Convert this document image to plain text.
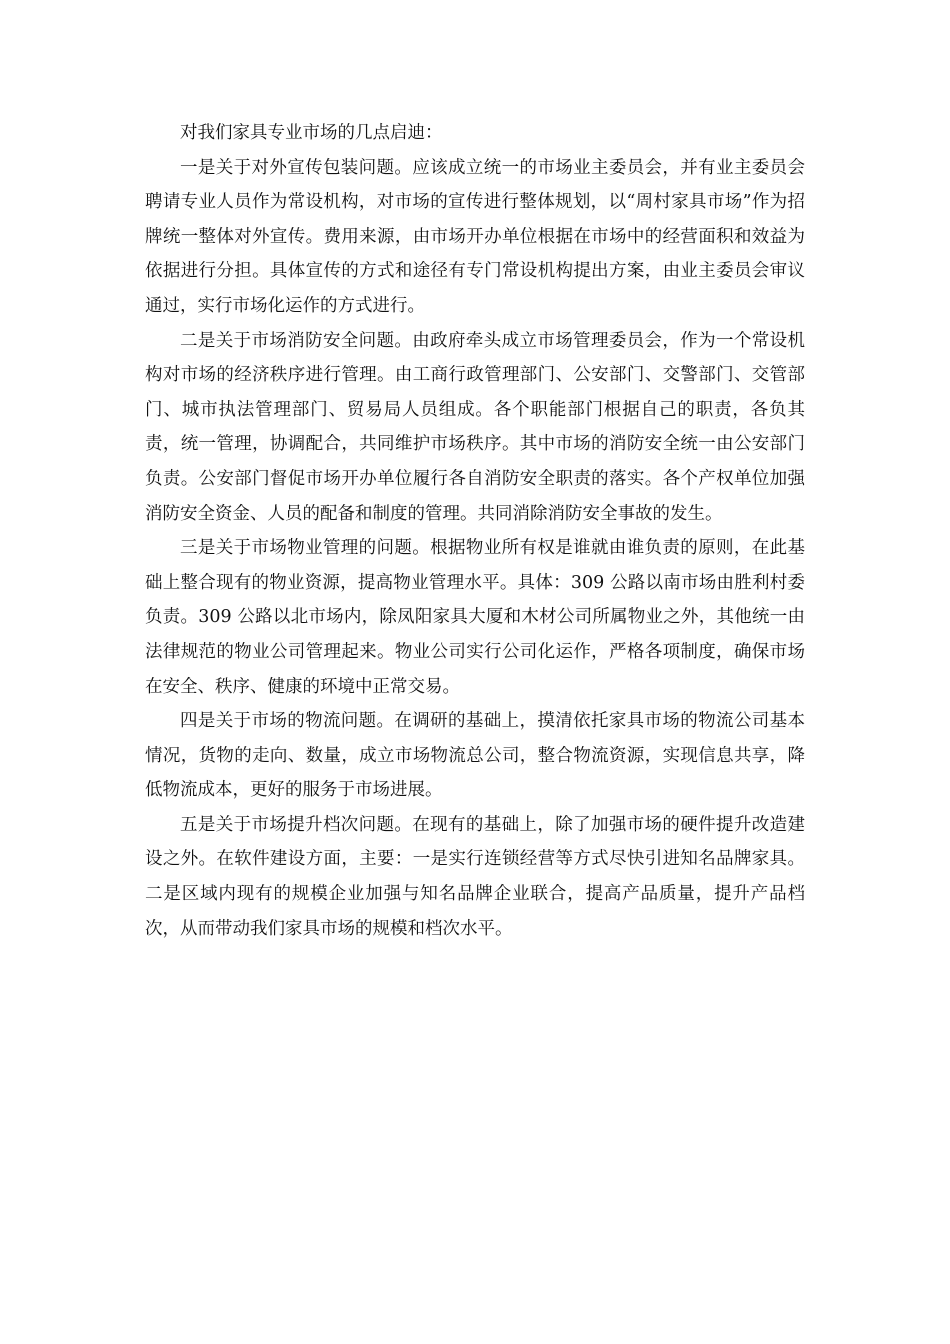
对我们家具专业市场的几点启迪：

一是关于对外宣传包装问题。应该成立统一的市场业主委员会，并有业主委员会聘请专业人员作为常设机构，对市场的宣传进行整体规划，以“周村家具市场”作为招牌统一整体对外宣传。费用来源，由市场开办单位根据在市场中的经营面积和效益为依据进行分担。具体宣传的方式和途径有专门常设机构提出方案，由业主委员会审议通过，实行市场化运作的方式进行。

二是关于市场消防安全问题。由政府牵头成立市场管理委员会，作为一个常设机构对市场的经济秩序进行管理。由工商行政管理部门、公安部门、交警部门、交管部门、城市执法管理部门、贸易局人员组成。各个职能部门根据自己的职责，各负其责，统一管理，协调配合，共同维护市场秩序。其中市场的消防安全统一由公安部门负责。公安部门督促市场开办单位履行各自消防安全职责的落实。各个产权单位加强消防安全资金、人员的配备和制度的管理。共同消除消防安全事故的发生。

三是关于市场物业管理的问题。根据物业所有权是谁就由谁负责的原则，在此基础上整合现有的物业资源，提高物业管理水平。具体：309 公路以南市场由胜利村委负责。309 公路以北市场内，除凤阳家具大厦和木材公司所属物业之外，其他统一由法律规范的物业公司管理起来。物业公司实行公司化运作，严格各项制度，确保市场在安全、秩序、健康的环境中正常交易。

四是关于市场的物流问题。在调研的基础上，摸清依托家具市场的物流公司基本情况，货物的走向、数量，成立市场物流总公司，整合物流资源，实现信息共享，降低物流成本，更好的服务于市场进展。

五是关于市场提升档次问题。在现有的基础上，除了加强市场的硬件提升改造建设之外。在软件建设方面，主要：一是实行连锁经营等方式尽快引进知名品牌家具。二是区域内现有的规模企业加强与知名品牌企业联合，提高产品质量，提升产品档次，从而带动我们家具市场的规模和档次水平。
